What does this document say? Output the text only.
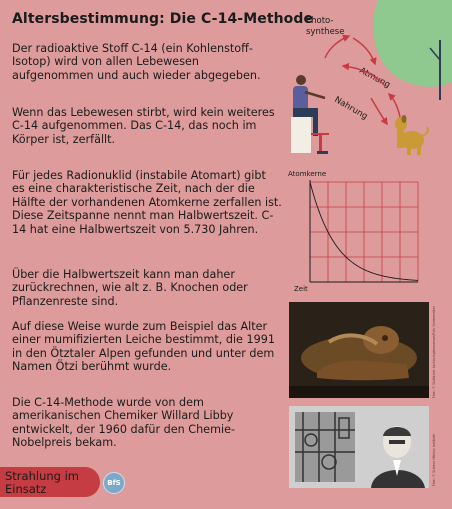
Altersbestimmung: Die C-14-Methode
Der radioaktive Stoff C-14 (ein Kohlenstoff-Isotop) wird von allen Lebewesen aufgenommen und auch wieder abgegeben.
Wenn das Lebewesen stirbt, wird kein weiteres C-14 aufgenommen. Das C-14, das noch im Körper ist, zerfällt.
Für jedes Radionuklid (instabile Atomart) gibt es eine charakteristische Zeit, nach der die Hälfte der vorhandenen Atomkerne zerfallen ist. Diese Zeitspanne nennt man Halbwertszeit. C-14 hat eine Halbwertszeit von 5.730 Jahren.
Über die Halbwertszeit kann man daher zurückrechnen, wie alt z. B. Knochen oder Pflanzenreste sind.
Auf diese Weise wurde zum Beispiel das Alter einer mumifizierten Leiche bestimmt, die 1991 in den Ötztaler Alpen gefunden und unter dem Namen Ötzi berühmt wurde.
Die C-14-Methode wurde von dem amerikanischen Chemiker Willard Libby entwickelt, der 1960 dafür den Chemie-Nobelpreis bekam.
Photo-
synthese
Atmung
Nahrung
Atomkerne
Zeit
Foto: © Südtiroler Archäologiemuseum/Foto Ochsenreiter
Foto: © Science History Institute
Strahlung im Einsatz	BfS
